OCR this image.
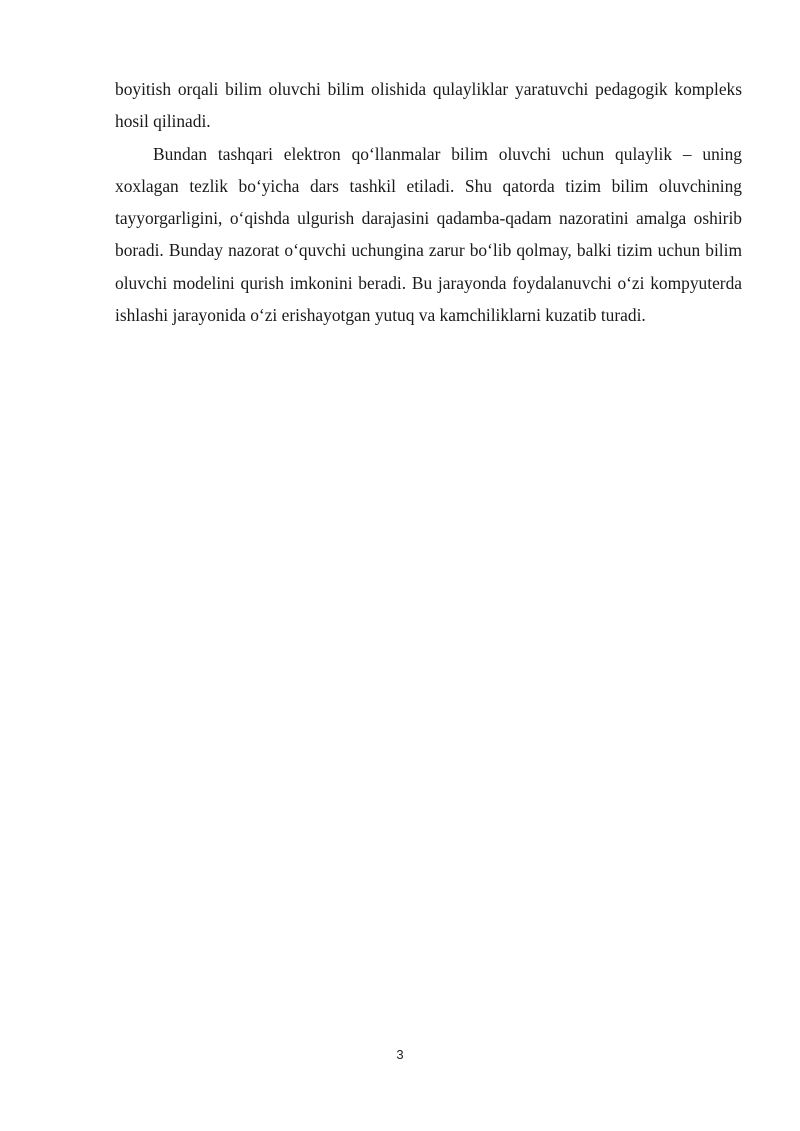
boyitish orqali bilim oluvchi bilim olishida qulayliklar yaratuvchi pedagogik kompleks hosil qilinadi.

Bundan tashqari elektron qo‘llanmalar bilim oluvchi uchun qulaylik – uning xoxlagan tezlik bo‘yicha dars tashkil etiladi. Shu qatorda tizim bilim oluvchining tayyorgarligini, o‘qishda ulgurish darajasini qadamba-qadam nazoratini amalga oshirib boradi. Bunday nazorat o‘quvchi uchungina zarur bo‘lib qolmay, balki tizim uchun bilim oluvchi modelini qurish imkonini beradi. Bu jarayonda foydalanuvchi o‘zi kompyuterda ishlashi jarayonida o‘zi erishayotgan yutuq va kamchiliklarni kuzatib turadi.

3
